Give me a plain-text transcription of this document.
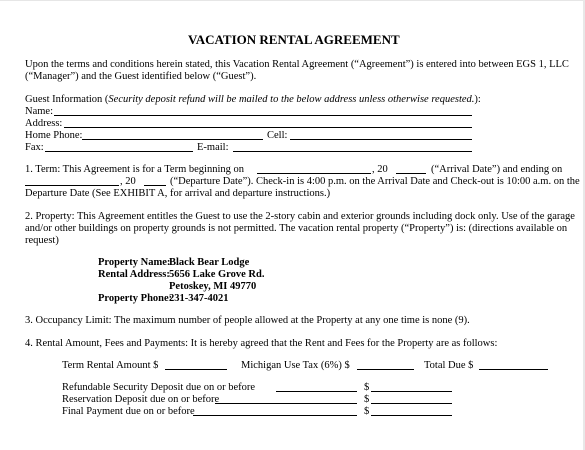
VACATION RENTAL AGREEMENT
Upon the terms and conditions herein stated, this Vacation Rental Agreement (“Agreement”) is entered into between EGS 1, LLC
(“Manager”) and the Guest identified below (“Guest”).
Guest Information (Security deposit refund will be mailed to the below address unless otherwise requested.):
Name:
Address:
Home Phone:	Cell:
Fax:	E-mail:
1. Term: This Agreement is for a Term beginning on	, 20	(“Arrival Date”) and ending on
, 20	(“Departure Date”). Check-in is 4:00 p.m. on the Arrival Date and Check-out is 10:00 a.m. on the
Departure Date (See EXHIBIT A, for arrival and departure instructions.)
2. Property: This Agreement entitles the Guest to use the 2-story cabin and exterior grounds including dock only. Use of the garage
and/or other buildings on property grounds is not permitted. The vacation rental property (“Property”) is: (directions available on
request)
Property Name:
Black Bear Lodge
Rental Address: 5656 Lake Grove Rd.
Petoskey, MI 49770
Property Phone:
231-347-4021
3. Occupancy Limit: The maximum number of people allowed at the Property at any one time is none (9).
4. Rental Amount, Fees and Payments: It is hereby agreed that the Rent and Fees for the Property are as follows:
Term Rental Amount $	Michigan Use Tax (6%) $	Total Due $
Refundable Security Deposit due on or before	$
Reservation Deposit due on or before	$
Final Payment due on or before	$
